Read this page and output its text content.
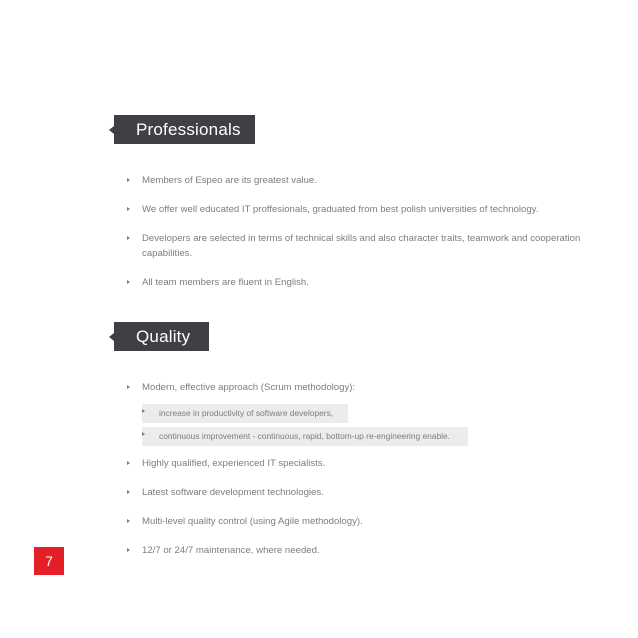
Professionals
Members of Espeo are its greatest value.
We offer well educated IT proffesionals, graduated from best polish universities of technology.
Developers are selected in terms of technical skills and also character traits, teamwork and cooperation capabilities.
All team members are fluent in English.
Quality
Modern, effective approach (Scrum methodology):
increase in productivity of software developers,
continuous improvement - continuous, rapid, bottom-up re-engineering enable.
Highly qualified, experienced IT specialists.
Latest software development technologies.
Multi-level quality control (using Agile methodology).
12/7 or 24/7 maintenance, where needed.
7
